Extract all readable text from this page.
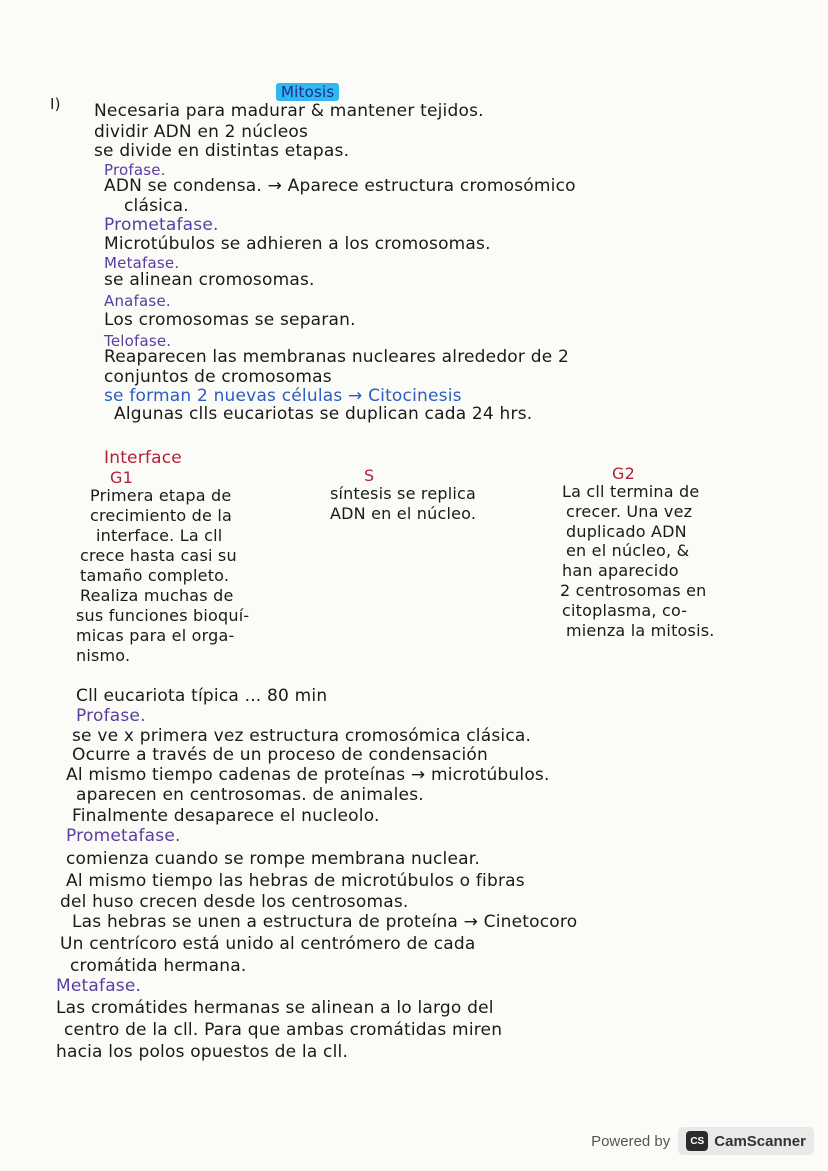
Mitosis
I) Necesaria para madurar & mantener tejidos.
dividir ADN en 2 núcleos
se divide en distintas etapas.
Profase.
ADN se condensa. → Aparece estructura cromosómico
clásica.
Prometafase.
Microtúbulos se adhieren a los cromosomas.
Metafase.
se alinean cromosomas.
Anafase.
Los cromosomas se separan.
Telofase.
Reaparecen las membranas nucleares alrededor de 2
conjuntos de cromosomas
se forman 2 nuevas células → Citocinesis
Algunas clls eucariotas se duplican cada 24 hrs.
Interface
G1
Primera etapa de
crecimiento de la
interface. La cll
crece hasta casi su
tamaño completo.
Realiza muchas de
sus funciones bioquí-
micas para el orga-
nismo.
S
síntesis se replica
ADN en el núcleo.
G2
La cll termina de
crecer. Una vez
duplicado ADN
en el núcleo, &
han aparecido
2 centrosomas en
citoplasma, co-
mienza la mitosis.
Cll eucariota típica ... 80 min
Profase.
se ve x primera vez estructura cromosómica clásica.
Ocurre a través de un proceso de condensación
Al mismo tiempo cadenas de proteínas → microtúbulos.
aparecen en centrosomas. de animales.
Finalmente desaparece el nucleolo.
Prometafase.
comienza cuando se rompe membrana nuclear.
Al mismo tiempo las hebras de microtúbulos o fibras
del huso crecen desde los centrosomas.
Las hebras se unen a estructura de proteína → Cinetocoro
Un centrícoro está unido al centrómero de cada
cromátida hermana.
Metafase.
Las cromátides hermanas se alinean a lo largo del
centro de la cll. Para que ambas cromátidas miren
hacia los polos opuestos de la cll.
Powered by	CS CamScanner
